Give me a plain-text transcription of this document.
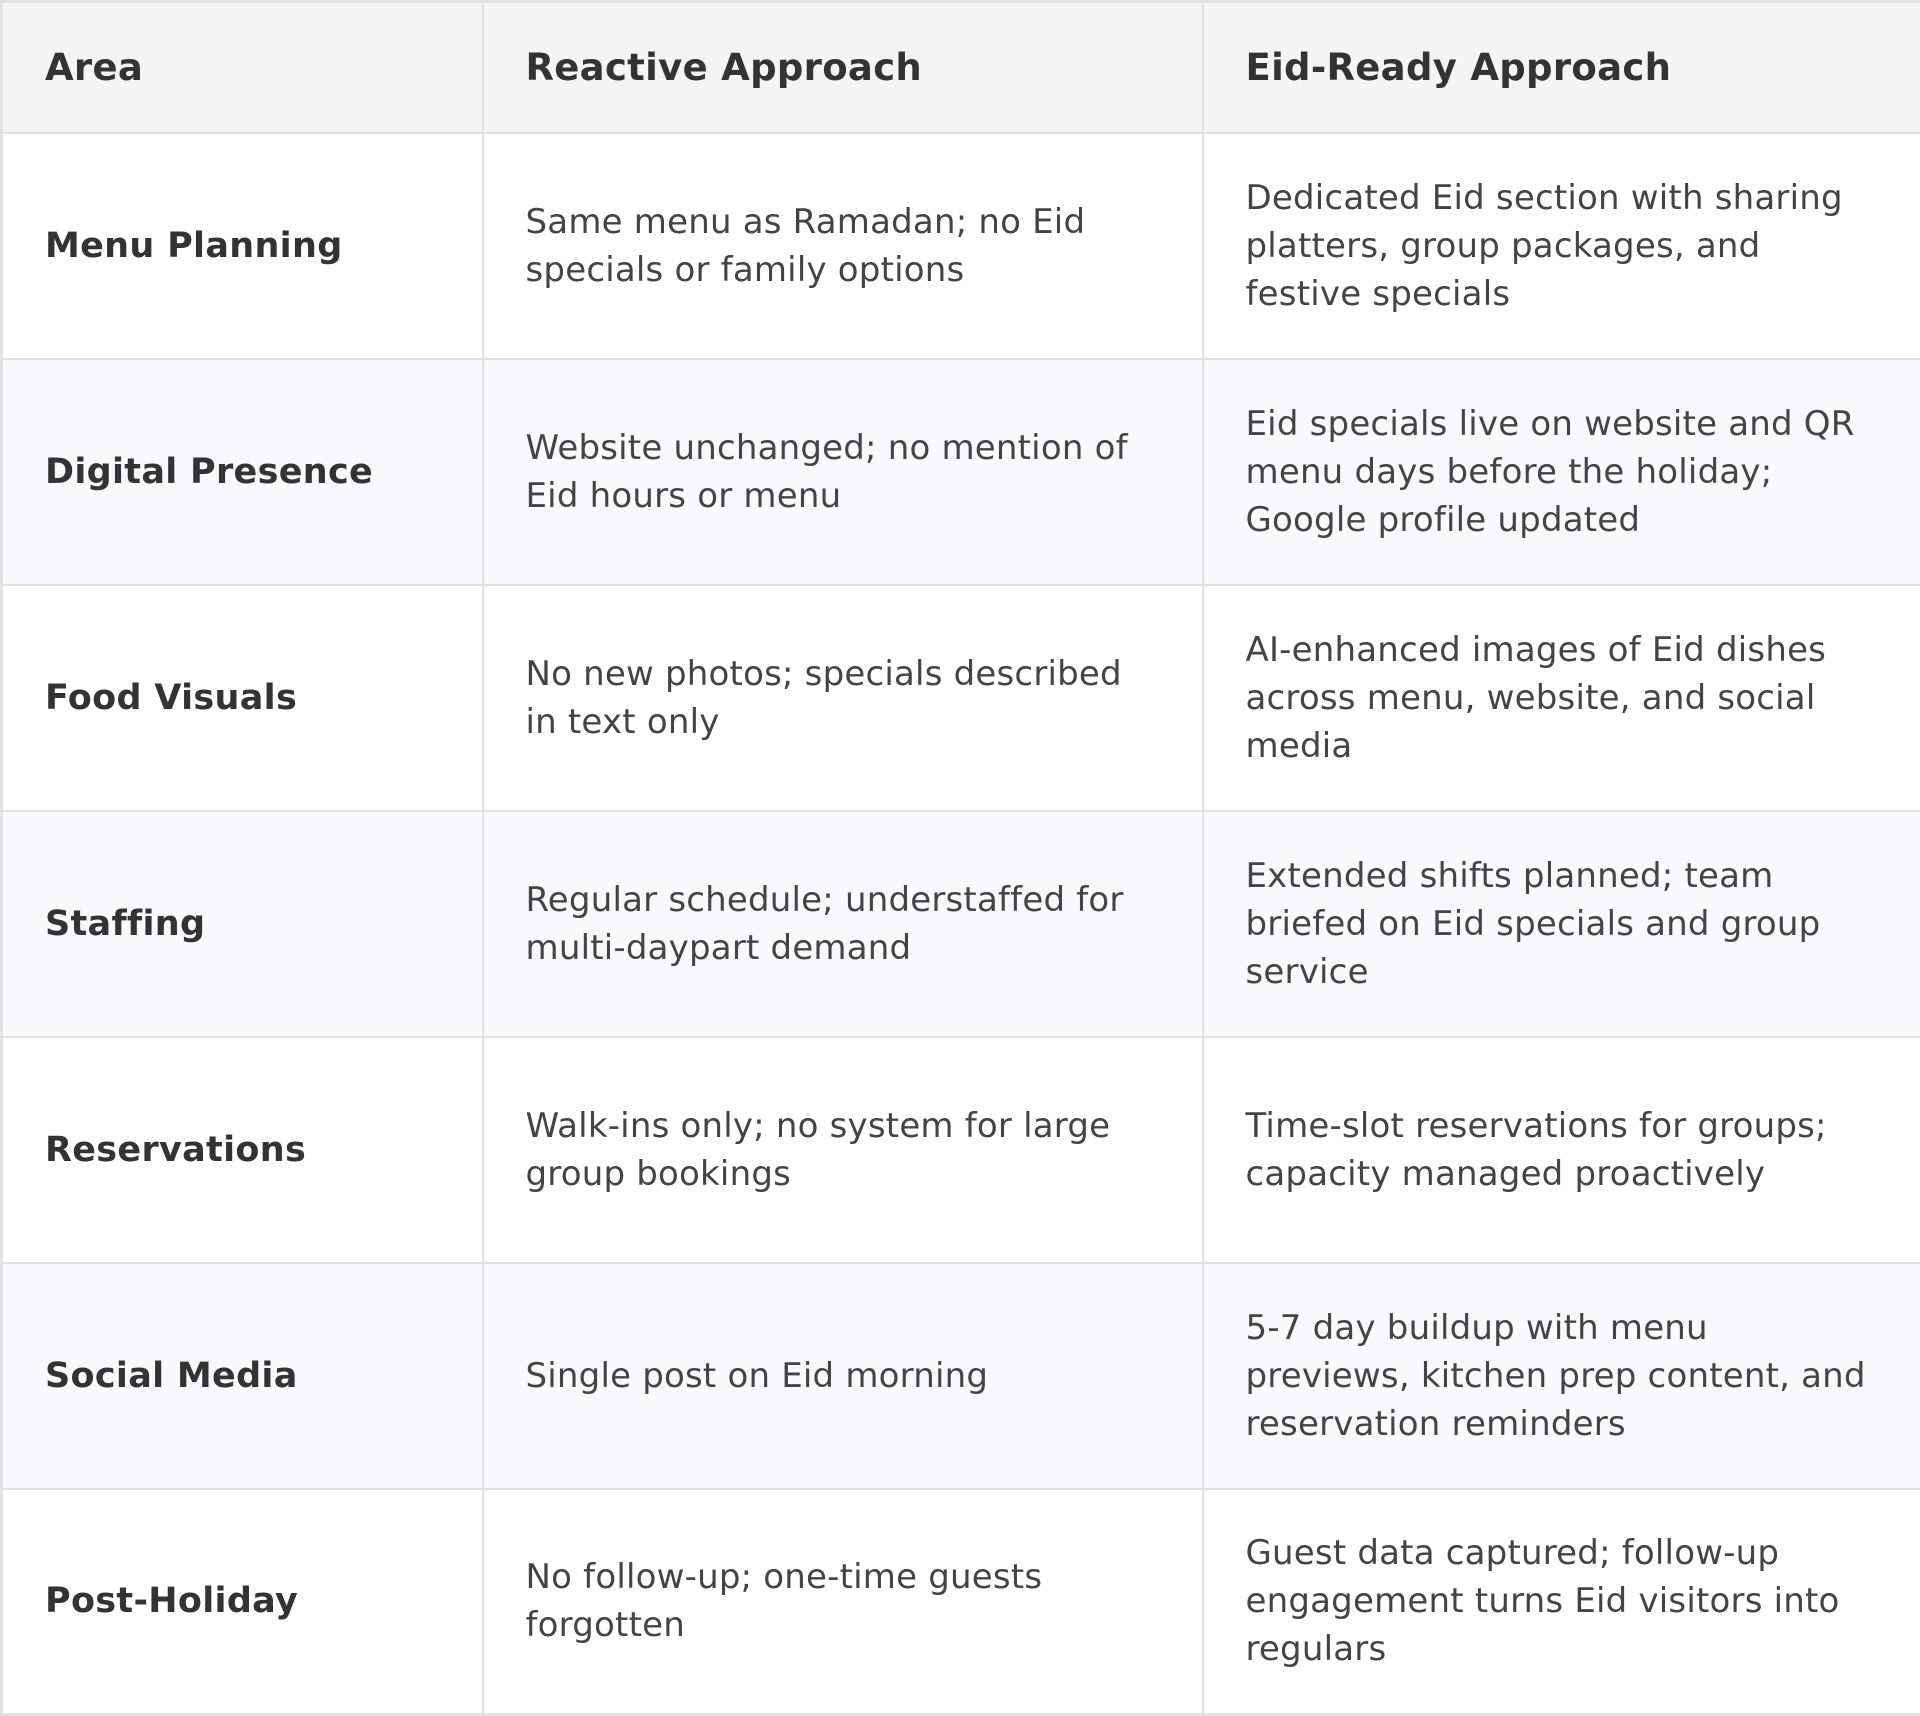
Area	Reactive Approach	Eid-Ready Approach
Menu Planning	Same menu as Ramadan; no Eid specials or family options	Dedicated Eid section with sharing platters, group packages, and festive specials
Digital Presence	Website unchanged; no mention of Eid hours or menu	Eid specials live on website and QR menu days before the holiday; Google profile updated
Food Visuals	No new photos; specials described in text only	AI-enhanced images of Eid dishes across menu, website, and social media
Staffing	Regular schedule; understaffed for multi-daypart demand	Extended shifts planned; team briefed on Eid specials and group service
Reservations	Walk-ins only; no system for large group bookings	Time-slot reservations for groups; capacity managed proactively
Social Media	Single post on Eid morning	5-7 day buildup with menu previews, kitchen prep content, and reservation reminders
Post-Holiday	No follow-up; one-time guests forgotten	Guest data captured; follow-up engagement turns Eid visitors into regulars
